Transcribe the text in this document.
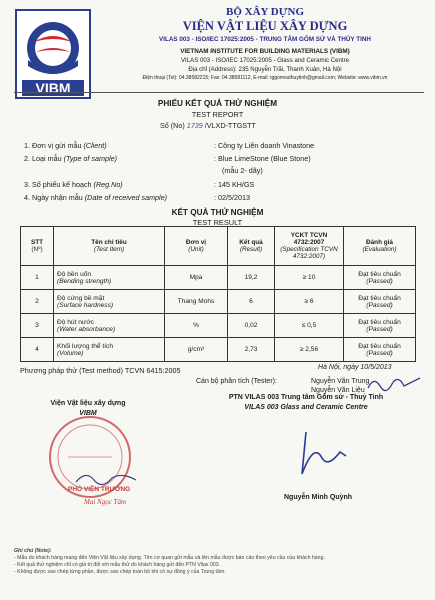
VIBM
BỘ XÂY DỰNG
VIỆN VẬT LIỆU XÂY DỰNG
VILAS 003 - ISO/IEC 17025:2005 - TRUNG TÂM GỐM SỨ VÀ THỦY TINH
VIETNAM INSTITUTE FOR BUILDING MATERIALS (VIBM)
VILAS 003 - ISO/IEC 17025:2005 - Glass and Ceramic Centre
Địa chỉ (Address): 235 Nguyễn Trãi, Thanh Xuân, Hà Nội
Điện thoại (Tel): 04.38582215; Fax: 04.38581112, E-mail: tggomsuthuytinh@gmail.com; Website: www.vibm.vn
PHIẾU KẾT QUẢ THỬ NGHIỆM
TEST REPORT
Số (No) 1739 /VLXD-TTGSTT
1. Đơn vị gửi mẫu (Client)	: Công ty Liên doanh Vinastone
2. Loại mẫu (Type of sample)	: Blue LimeStone (Blue Stone)
(mẫu 2- dãy)
3. Số phiếu kế hoạch (Reg.No)	: 145 KH/GS
4. Ngày nhận mẫu (Date of received sample)	: 02/5/2013
KẾT QUẢ THỬ NGHIỆM
TEST RESULT
STT
(Nº)	Tên chỉ tiêu
(Test Item)	Đơn vị
(Unit)	Kết quả
(Result)	YCKT TCVN 4732:2007
(Specification TCVN 4732:2007)	Đánh giá
(Evaluation)
1	Độ bền uốn
(Bending strength)	Mpa	19,2	≥ 10	Đạt tiêu chuẩn
(Passed)
2	Độ cứng bề mặt
(Surface hardness)	Thang Mohs	6	≥ 6	Đạt tiêu chuẩn
(Passed)
3	Độ hút nước
(Water absorbance)	%	0,02	≤ 0,5	Đạt tiêu chuẩn
(Passed)
4	Khối lượng thể tích
(Volume)	g/cm³	2,73	≥ 2,56	Đạt tiêu chuẩn
(Passed)
Phương pháp thử (Test method) TCVN 6415:2005	Hà Nội, ngày 10/5/2013
Cán bộ phân tích (Tester):	Nguyễn Văn Trung
Nguyễn Văn Liệu
Viện Vật liệu xây dựng
VIBM
PTN VILAS 003 Trung tâm Gốm sứ - Thuỷ Tinh
VILAS 003 Glass and Ceramic Centre
PHÓ VIỆN TRƯỞNG
Mai Ngọc Tâm
Nguyễn Minh Quỳnh
Ghi chú (Note):
- Mẫu do khách hàng mang đến Viện Vật liệu xây dựng. Tên cơ quan gửi mẫu và tên mẫu được báo cáo theo yêu cầu của khách hàng.
- Kết quả thử nghiệm chỉ có giá trị đối với mẫu thử do khách hàng gửi đến PTN Vilas 003.
- Không được sao chép từng phần, được sao chép toàn bộ khi có sự đồng ý của Trung tâm.
